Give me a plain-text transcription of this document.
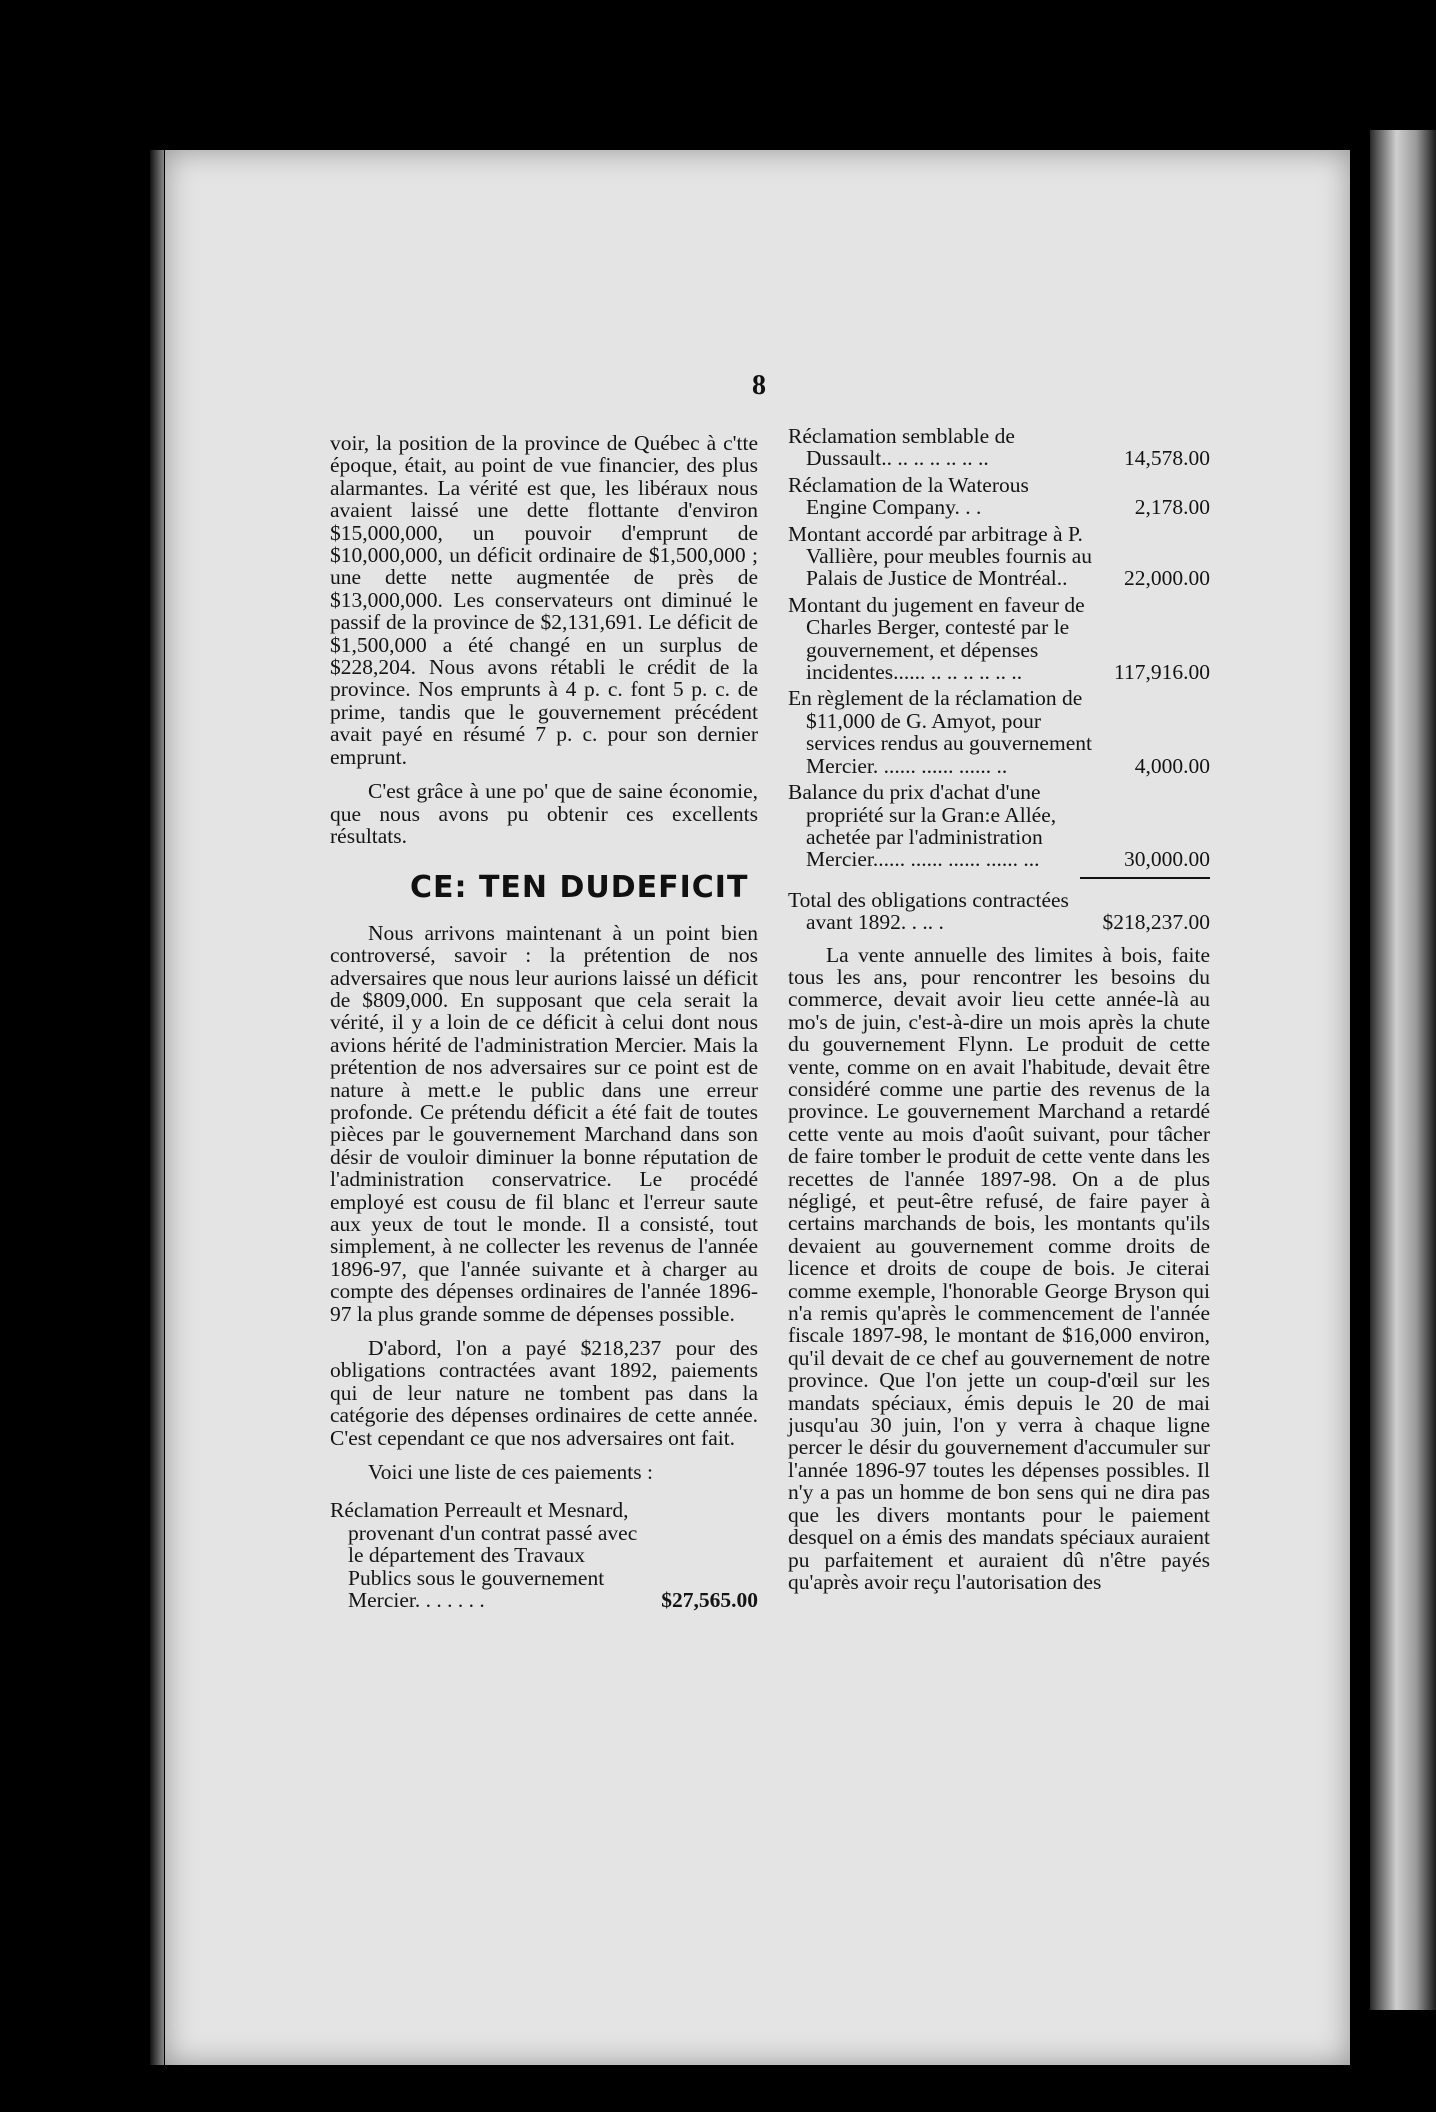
8

voir, la position de la province de Québec à c'tte époque, était, au point de vue financier, des plus alarmantes. La vérité est que, les libéraux nous avaient laissé une dette flottante d'environ $15,000,000, un pouvoir d'emprunt de $10,000,000, un déficit ordinaire de $1,500,000 ; une dette nette augmentée de près de $13,000,000. Les conservateurs ont diminué le passif de la province de $2,131,691. Le déficit de $1,500,000 a été changé en un surplus de $228,204. Nous avons rétabli le crédit de la province. Nos emprunts à 4 p. c. font 5 p. c. de prime, tandis que le gouvernement précédent avait payé en résumé 7 p. c. pour son dernier emprunt.

C'est grâce à une po' que de saine économie, que nous avons pu obtenir ces excellents résultats.

CE: TEN DUDEFICIT

Nous arrivons maintenant à un point bien controversé, savoir : la prétention de nos adversaires que nous leur aurions laissé un déficit de $809,000. En supposant que cela serait la vérité, il y a loin de ce déficit à celui dont nous avions hérité de l'administration Mercier. Mais la prétention de nos adversaires sur ce point est de nature à mett.e le public dans une erreur profonde. Ce prétendu déficit a été fait de toutes pièces par le gouvernement Marchand dans son désir de vouloir diminuer la bonne réputation de l'administration conservatrice. Le procédé employé est cousu de fil blanc et l'erreur saute aux yeux de tout le monde. Il a consisté, tout simplement, à ne collecter les revenus de l'année 1896-97, que l'année suivante et à charger au compte des dépenses ordinaires de l'année 1896-97 la plus grande somme de dépenses possible.

D'abord, l'on a payé $218,237 pour des obligations contractées avant 1892, paiements qui de leur nature ne tombent pas dans la catégorie des dépenses ordinaires de cette année. C'est cependant ce que nos adversaires ont fait.

Voici une liste de ces paiements :

Réclamation Perreault et Mesnard, provenant d'un contrat passé avec le département des Travaux Publics sous le gouvernement Mercier. . . . . . .	$27,565.00
Réclamation semblable de Dussault.. .. .. .. .. .. ..	14,578.00
Réclamation de la Waterous Engine Company. . .	2,178.00
Montant accordé par arbitrage à P. Vallière, pour meubles fournis au Palais de Justice de Montréal..	22,000.00
Montant du jugement en faveur de Charles Berger, contesté par le gouvernement, et dépenses incidentes...... .. .. .. .. .. ..	117,916.00
En règlement de la réclamation de $11,000 de G. Amyot, pour services rendus au gouvernement Mercier. ...... ...... ...... ..	4,000.00
Balance du prix d'achat d'une propriété sur la Gran:e Allée, achetée par l'administration Mercier...... ...... ...... ...... ...	30,000.00
Total des obligations contractées avant 1892. . .. .	$218,237.00

La vente annuelle des limites à bois, faite tous les ans, pour rencontrer les besoins du commerce, devait avoir lieu cette année-là au mo's de juin, c'est-à-dire un mois après la chute du gouvernement Flynn. Le produit de cette vente, comme on en avait l'habitude, devait être considéré comme une partie des revenus de la province. Le gouvernement Marchand a retardé cette vente au mois d'août suivant, pour tâcher de faire tomber le produit de cette vente dans les recettes de l'année 1897-98. On a de plus négligé, et peut-être refusé, de faire payer à certains marchands de bois, les montants qu'ils devaient au gouvernement comme droits de licence et droits de coupe de bois. Je citerai comme exemple, l'honorable George Bryson qui n'a remis qu'après le commencement de l'année fiscale 1897-98, le montant de $16,000 environ, qu'il devait de ce chef au gouvernement de notre province. Que l'on jette un coup-d'œil sur les mandats spéciaux, émis depuis le 20 de mai jusqu'au 30 juin, l'on y verra à chaque ligne percer le désir du gouvernement d'accumuler sur l'année 1896-97 toutes les dépenses possibles. Il n'y a pas un homme de bon sens qui ne dira pas que les divers montants pour le paiement desquel on a émis des mandats spéciaux auraient pu parfaitement et auraient dû n'être payés qu'après avoir reçu l'autorisation des
